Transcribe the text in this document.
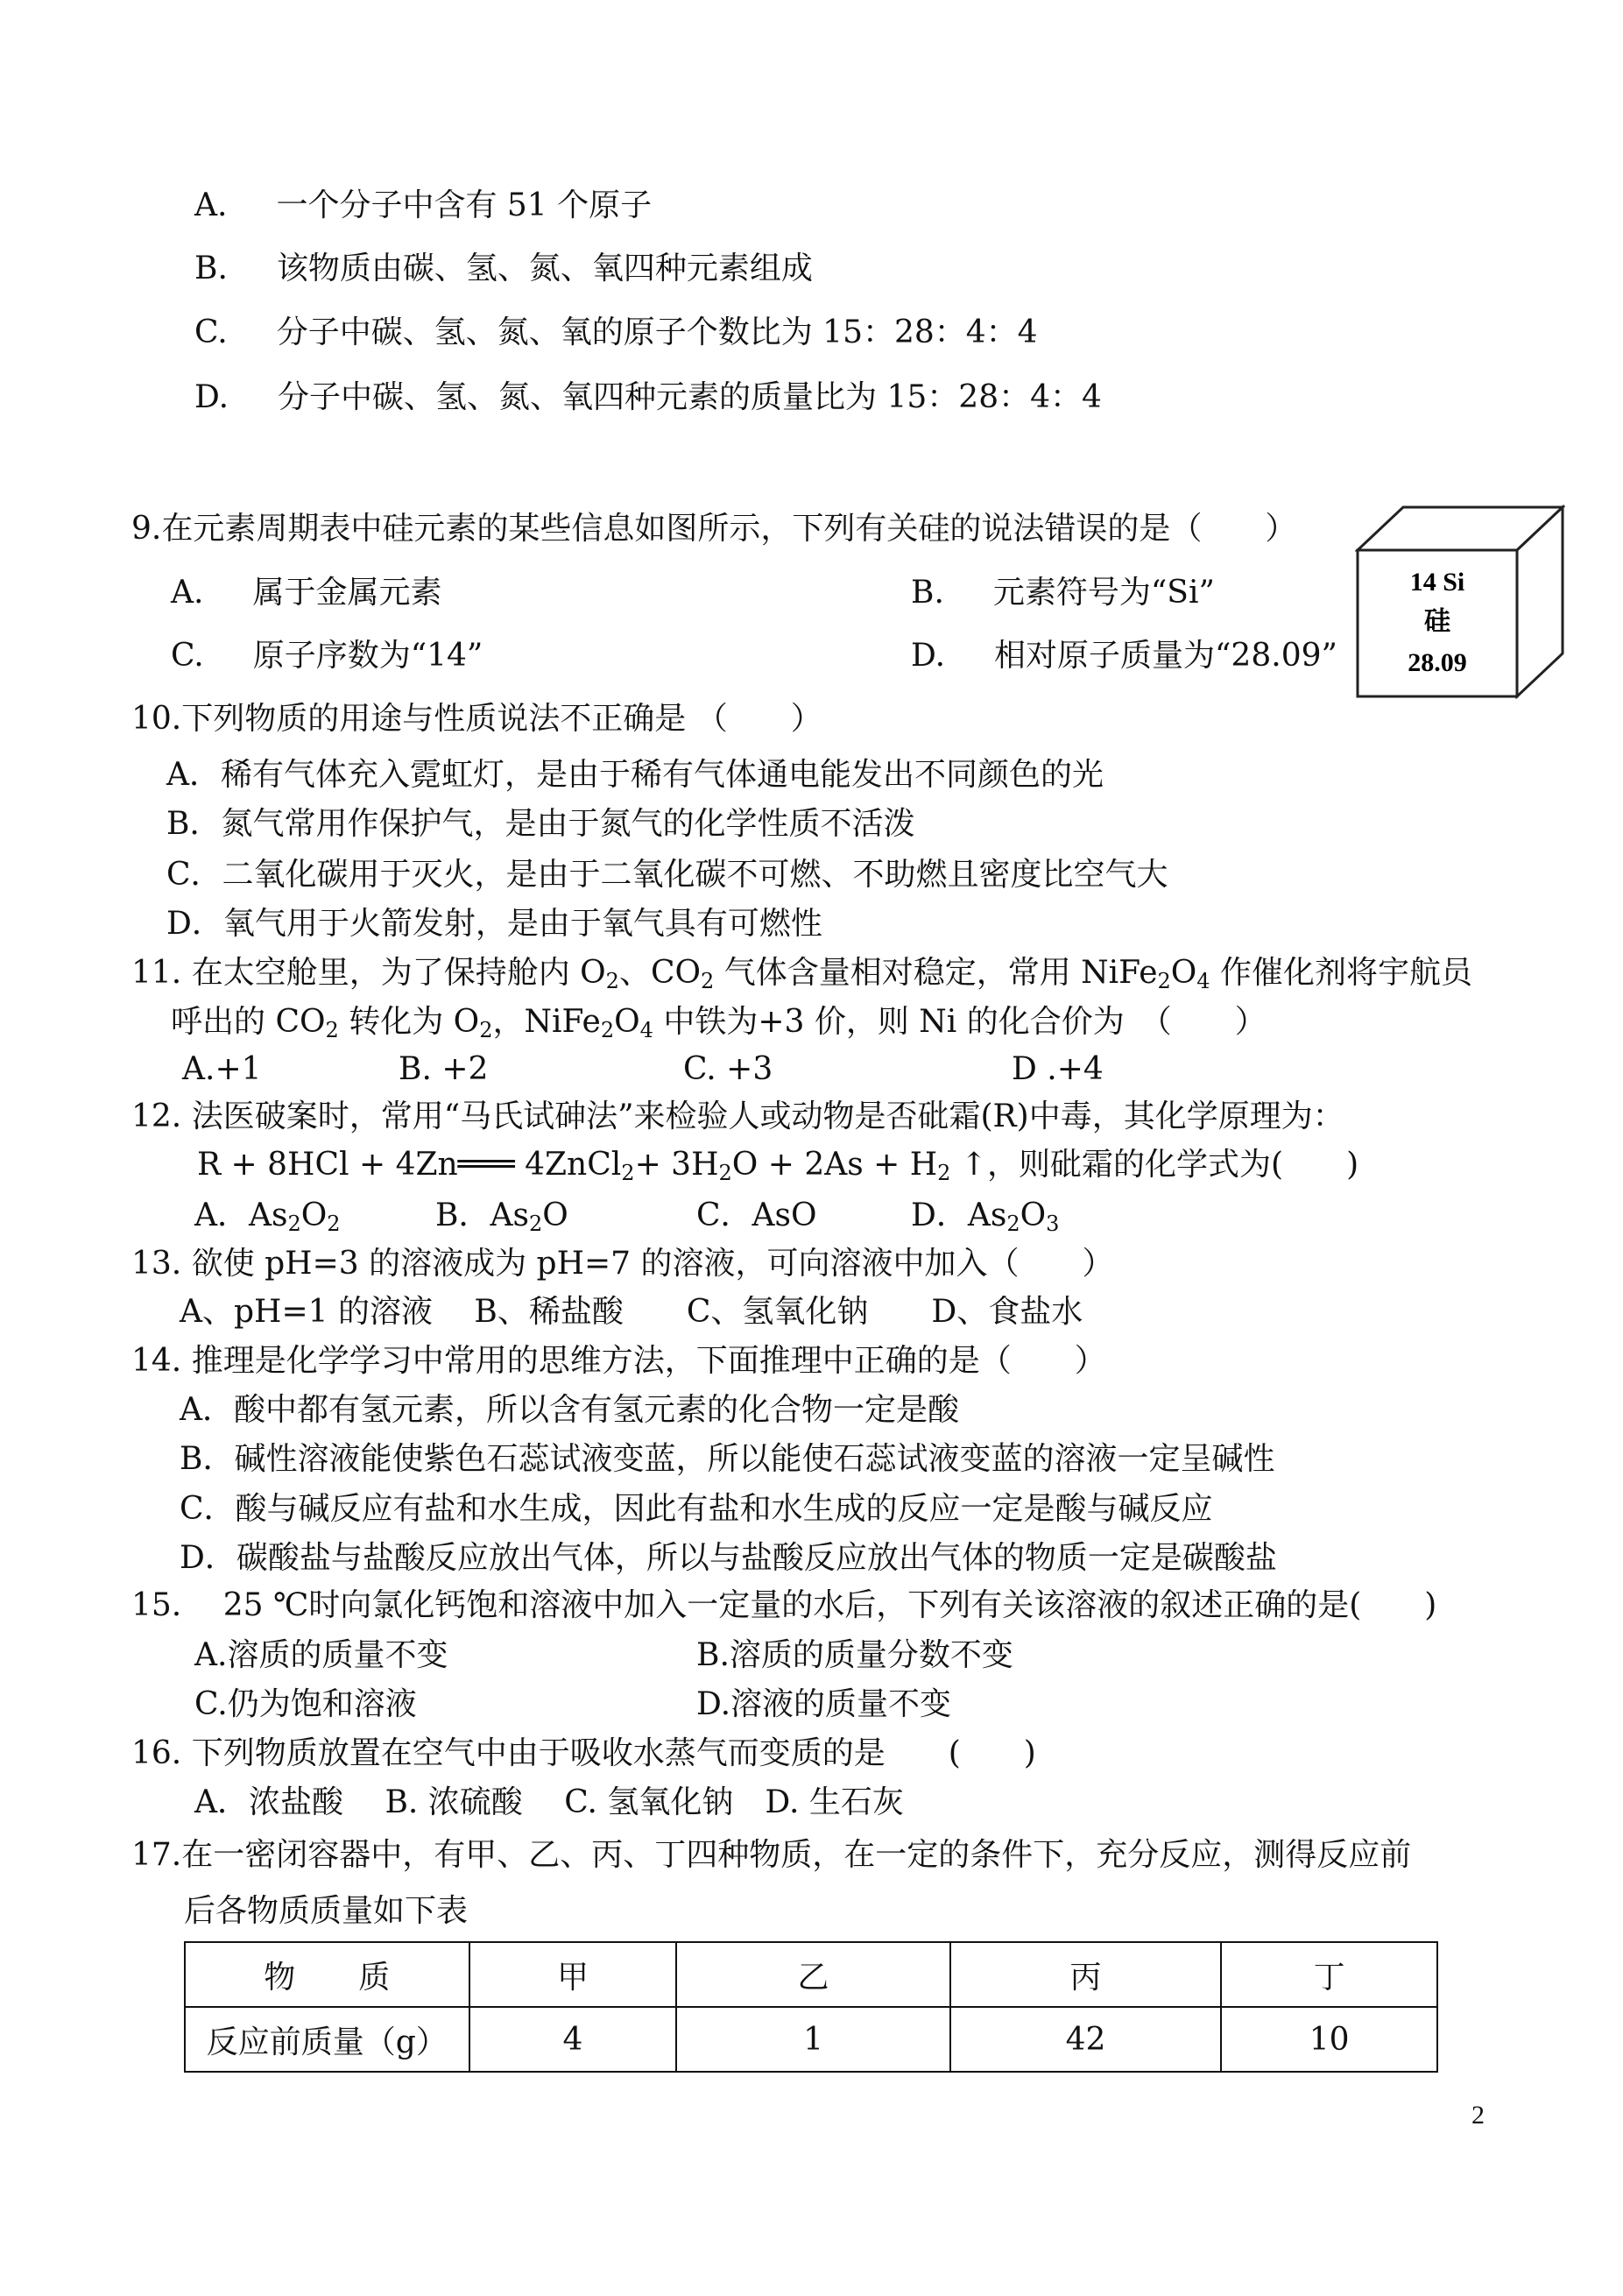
A. 一个分子中含有 51 个原子
B. 该物质由碳、氢、氮、氧四种元素组成
C. 分子中碳、氢、氮、氧的原子个数比为 15：28：4：4
D. 分子中碳、氢、氮、氧四种元素的质量比为 15：28：4：4
9.在元素周期表中硅元素的某些信息如图所示，下列有关硅的说法错误的是（　　）
A. 属于金属元素	B. 元素符号为“Si”
C. 原子序数为“14”	D. 相对原子质量为“28.09”
14 Si
硅
28.09
10.下列物质的用途与性质说法不正确是 （　　）
A．稀有气体充入霓虹灯，是由于稀有气体通电能发出不同颜色的光
B．氮气常用作保护气，是由于氮气的化学性质不活泼
C．二氧化碳用于灭火，是由于二氧化碳不可燃、不助燃且密度比空气大
D．氧气用于火箭发射，是由于氧气具有可燃性
11. 在太空舱里，为了保持舱内 $O_2$、$CO_2$ 气体含量相对稳定，常用 $NiFe_2O_4$ 作催化剂将宇航员
呼出的 $CO_2$ 转化为 $O_2$，$NiFe_2O_4$ 中铁为+3 价，则 Ni 的化合价为　（　　）
A.+1	B. +2	C. +3	D .+4
12. 法医破案时，常用“马氏试砷法”来检验人或动物是否砒霜(R)中毒，其化学原理为：
R + 8HCl + 4Zn═══ 4ZnCl$_2$+ $3H_2O + 2As + H_2$ ↑，则砒霜的化学式为(　　)
A．$As_2O_2$	B．$As_2O$	C．AsO	D．$As_2O_3$
13. 欲使 pH=3 的溶液成为 pH=7 的溶液，可向溶液中加入（　　）
A、pH=1 的溶液　 B、稀盐酸　　C、氢氧化钠　　D、食盐水
14. 推理是化学学习中常用的思维方法，下面推理中正确的是（　　）
A．酸中都有氢元素，所以含有氢元素的化合物一定是酸
B．碱性溶液能使紫色石蕊试液变蓝，所以能使石蕊试液变蓝的溶液一定呈碱性
C．酸与碱反应有盐和水生成，因此有盐和水生成的反应一定是酸与碱反应
D．碳酸盐与盐酸反应放出气体，所以与盐酸反应放出气体的物质一定是碳酸盐
15.　 25 ℃时向氯化钙饱和溶液中加入一定量的水后，下列有关该溶液的叙述正确的是(　　)
A.溶质的质量不变	B.溶质的质量分数不变
C.仍为饱和溶液	D.溶液的质量不变
16. 下列物质放置在空气中由于吸收水蒸气而变质的是　　(　　)
A．浓盐酸　 B. 浓硫酸　 C. 氢氧化钠　D. 生石灰
17.在一密闭容器中，有甲、乙、丙、丁四种物质，在一定的条件下，充分反应，测得反应前
后各物质质量如下表
物　　质	甲	乙	丙	丁
反应前质量（g）	4	1	42	10
2
